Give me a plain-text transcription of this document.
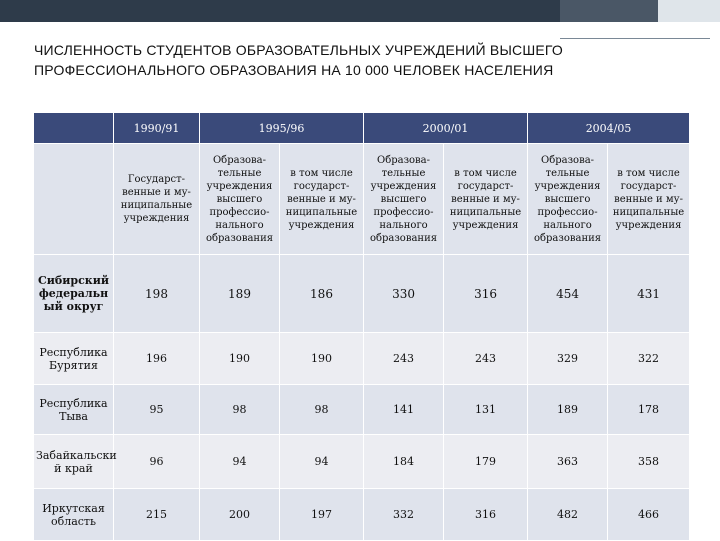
ЧИСЛЕННОСТЬ СТУДЕНТОВ ОБРАЗОВАТЕЛЬНЫХ УЧРЕЖДЕНИЙ ВЫСШЕГО ПРОФЕССИОНАЛЬНОГО ОБРАЗОВАНИЯ НА 10 000 ЧЕЛОВЕК НАСЕЛЕНИЯ
	1990/91	1995/96		2000/01		2004/05	
	Государст-венные и му-ниципальные учреждения	Образова-тельные учреждения высшего профессио-нального образования	в том числе государст-венные и му-ниципальные учреждения	Образова-тельные учреждения высшего профессио-нального образования	в том числе государст-венные и му-ниципальные учреждения	Образова-тельные учреждения высшего профессио-нального образования	в том числе государст-венные и му-ниципальные учреждения
Сибирский федеральн ый округ	198	189	186	330	316	454	431
Республика Бурятия	196	190	190	243	243	329	322
Республика Тыва	95	98	98	141	131	189	178
Забайкальски й край	96	94	94	184	179	363	358
Иркутская область	215	200	197	332	316	482	466
